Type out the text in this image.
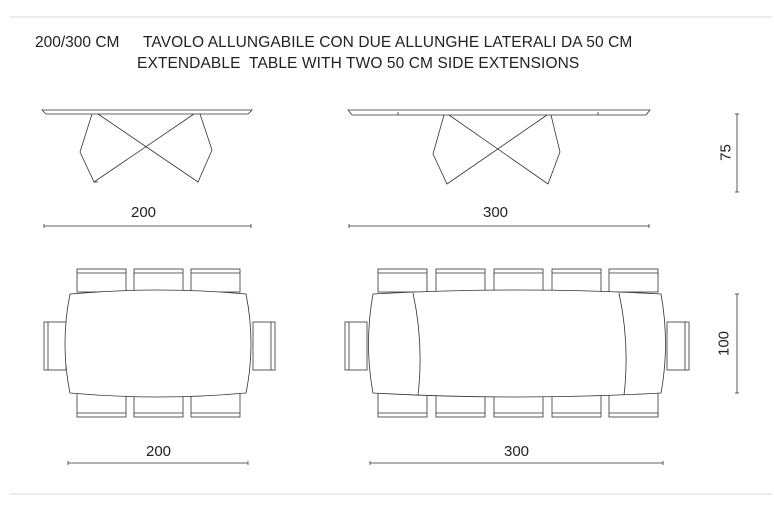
200/300 CM TAVOLO ALLUNGABILE CON DUE ALLUNGHE LATERALI DA 50 CM
EXTENDABLE  TABLE WITH TWO 50 CM SIDE EXTENSIONS
200	300
75
200	300
100
